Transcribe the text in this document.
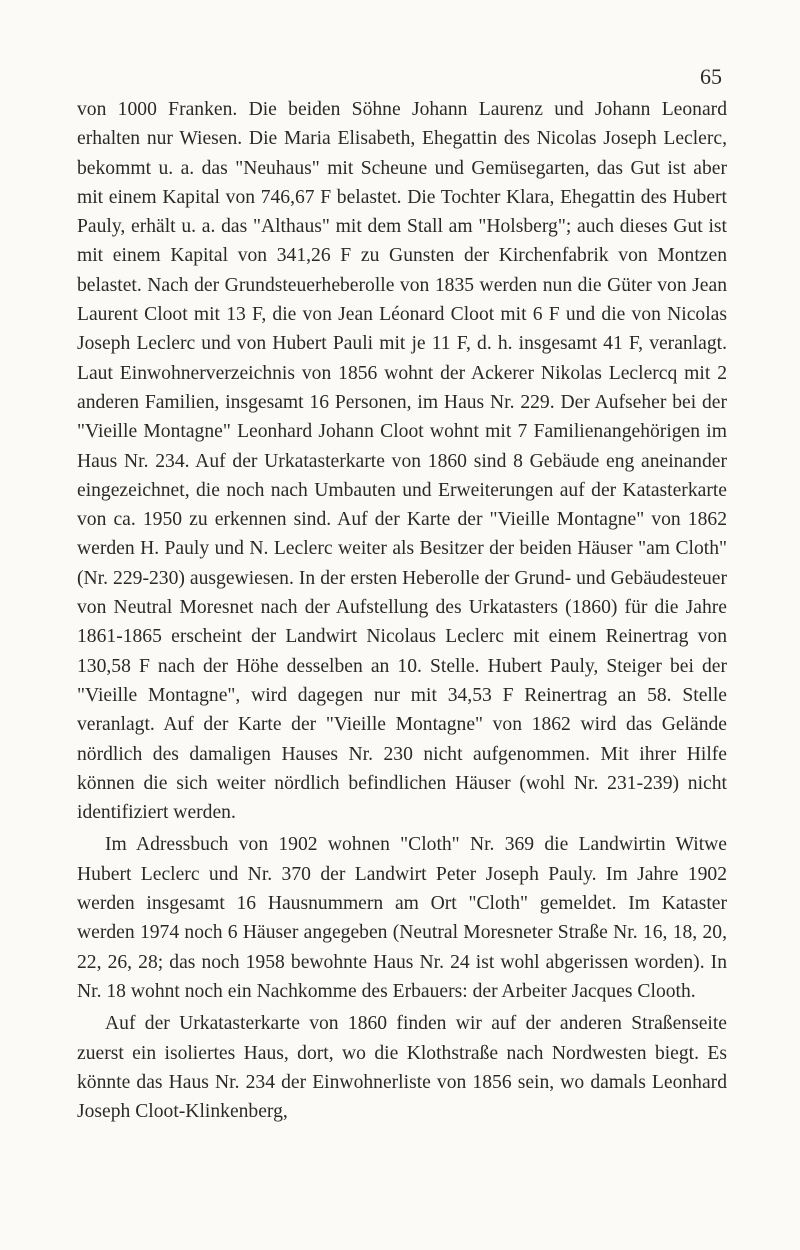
65

von 1000 Franken. Die beiden Söhne Johann Laurenz und Johann Leonard erhalten nur Wiesen. Die Maria Elisabeth, Ehegattin des Nicolas Joseph Leclerc, bekommt u. a. das "Neuhaus" mit Scheune und Gemüsegarten, das Gut ist aber mit einem Kapital von 746,67 F belastet. Die Tochter Klara, Ehegattin des Hubert Pauly, erhält u. a. das "Althaus" mit dem Stall am "Holsberg"; auch dieses Gut ist mit einem Kapital von 341,26 F zu Gunsten der Kirchenfabrik von Montzen belastet. Nach der Grundsteuerheberolle von 1835 werden nun die Güter von Jean Laurent Cloot mit 13 F, die von Jean Léonard Cloot mit 6 F und die von Nicolas Joseph Leclerc und von Hubert Pauli mit je 11 F, d. h. insgesamt 41 F, veranlagt. Laut Einwohnerverzeichnis von 1856 wohnt der Ackerer Nikolas Leclercq mit 2 anderen Familien, insgesamt 16 Personen, im Haus Nr. 229. Der Aufseher bei der "Vieille Montagne" Leonhard Johann Cloot wohnt mit 7 Familienangehörigen im Haus Nr. 234. Auf der Urkatasterkarte von 1860 sind 8 Gebäude eng aneinander eingezeichnet, die noch nach Umbauten und Erweiterungen auf der Katasterkarte von ca. 1950 zu erkennen sind. Auf der Karte der "Vieille Montagne" von 1862 werden H. Pauly und N. Leclerc weiter als Besitzer der beiden Häuser "am Cloth" (Nr. 229-230) ausgewiesen. In der ersten Heberolle der Grund- und Gebäudesteuer von Neutral Moresnet nach der Aufstellung des Urkatasters (1860) für die Jahre 1861-1865 erscheint der Landwirt Nicolaus Leclerc mit einem Reinertrag von 130,58 F nach der Höhe desselben an 10. Stelle. Hubert Pauly, Steiger bei der "Vieille Montagne", wird dagegen nur mit 34,53 F Reinertrag an 58. Stelle veranlagt. Auf der Karte der "Vieille Montagne" von 1862 wird das Gelände nördlich des damaligen Hauses Nr. 230 nicht aufgenommen. Mit ihrer Hilfe können die sich weiter nördlich befindlichen Häuser (wohl Nr. 231-239) nicht identifiziert werden.

Im Adressbuch von 1902 wohnen "Cloth" Nr. 369 die Landwirtin Witwe Hubert Leclerc und Nr. 370 der Landwirt Peter Joseph Pauly. Im Jahre 1902 werden insgesamt 16 Hausnummern am Ort "Cloth" gemeldet. Im Kataster werden 1974 noch 6 Häuser angegeben (Neutral Moresneter Straße Nr. 16, 18, 20, 22, 26, 28; das noch 1958 bewohnte Haus Nr. 24 ist wohl abgerissen worden). In Nr. 18 wohnt noch ein Nachkomme des Erbauers: der Arbeiter Jacques Clooth.

Auf der Urkatasterkarte von 1860 finden wir auf der anderen Straßenseite zuerst ein isoliertes Haus, dort, wo die Klothstraße nach Nordwesten biegt. Es könnte das Haus Nr. 234 der Einwohnerliste von 1856 sein, wo damals Leonhard Joseph Cloot-Klinkenberg,
